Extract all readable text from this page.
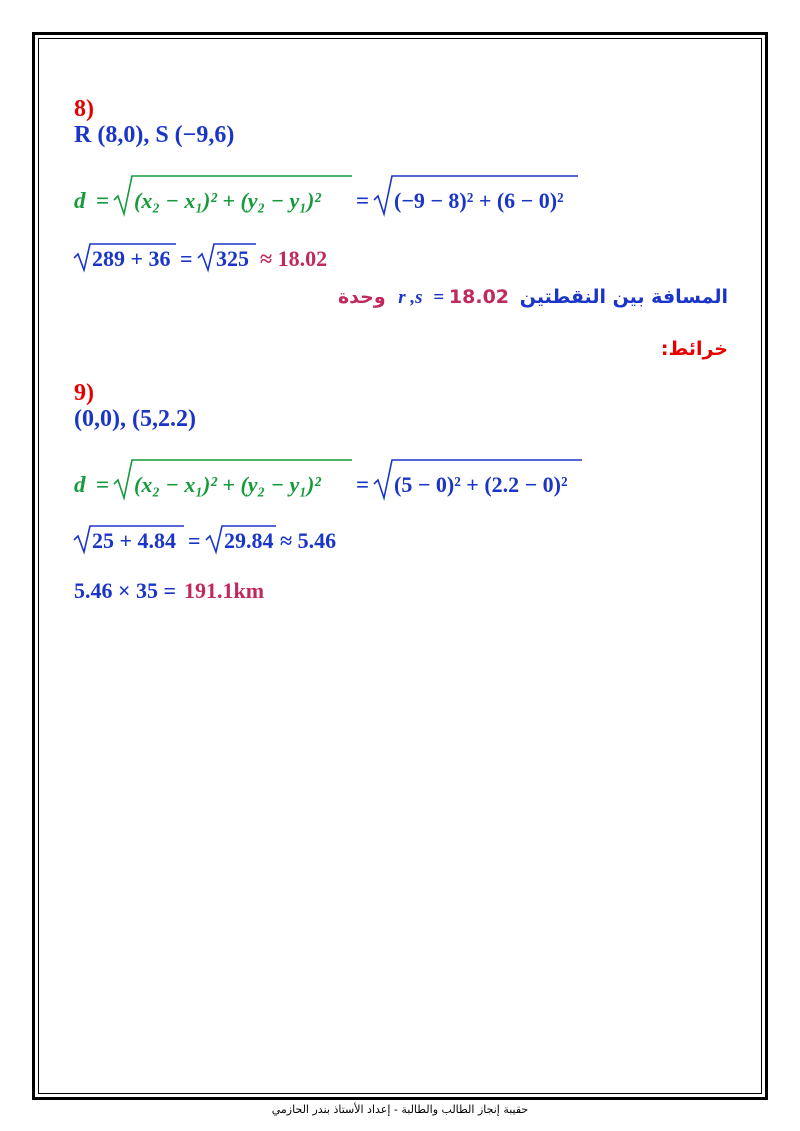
8)
R (8,0), S (−9,6)
d = (x₂ − x₁)² + (y₂ − y₁)² = (−9 − 8)² + (6 − 0)²
289 + 36 = 325 ≈ 18.02
المسافة بين النقطتين r ,s = 18.02 وحدة
خرائط:
9)
(0,0), (5,2.2)
d = (x₂ − x₁)² + (y₂ − y₁)² = (5 − 0)² + (2.2 − 0)²
25 + 4.84 = 29.84 ≈ 5.46
5.46 × 35 = 191.1km
حقيبة إنجاز الطالب والطالبة - إعداد الأستاذ بندر الحازمي
